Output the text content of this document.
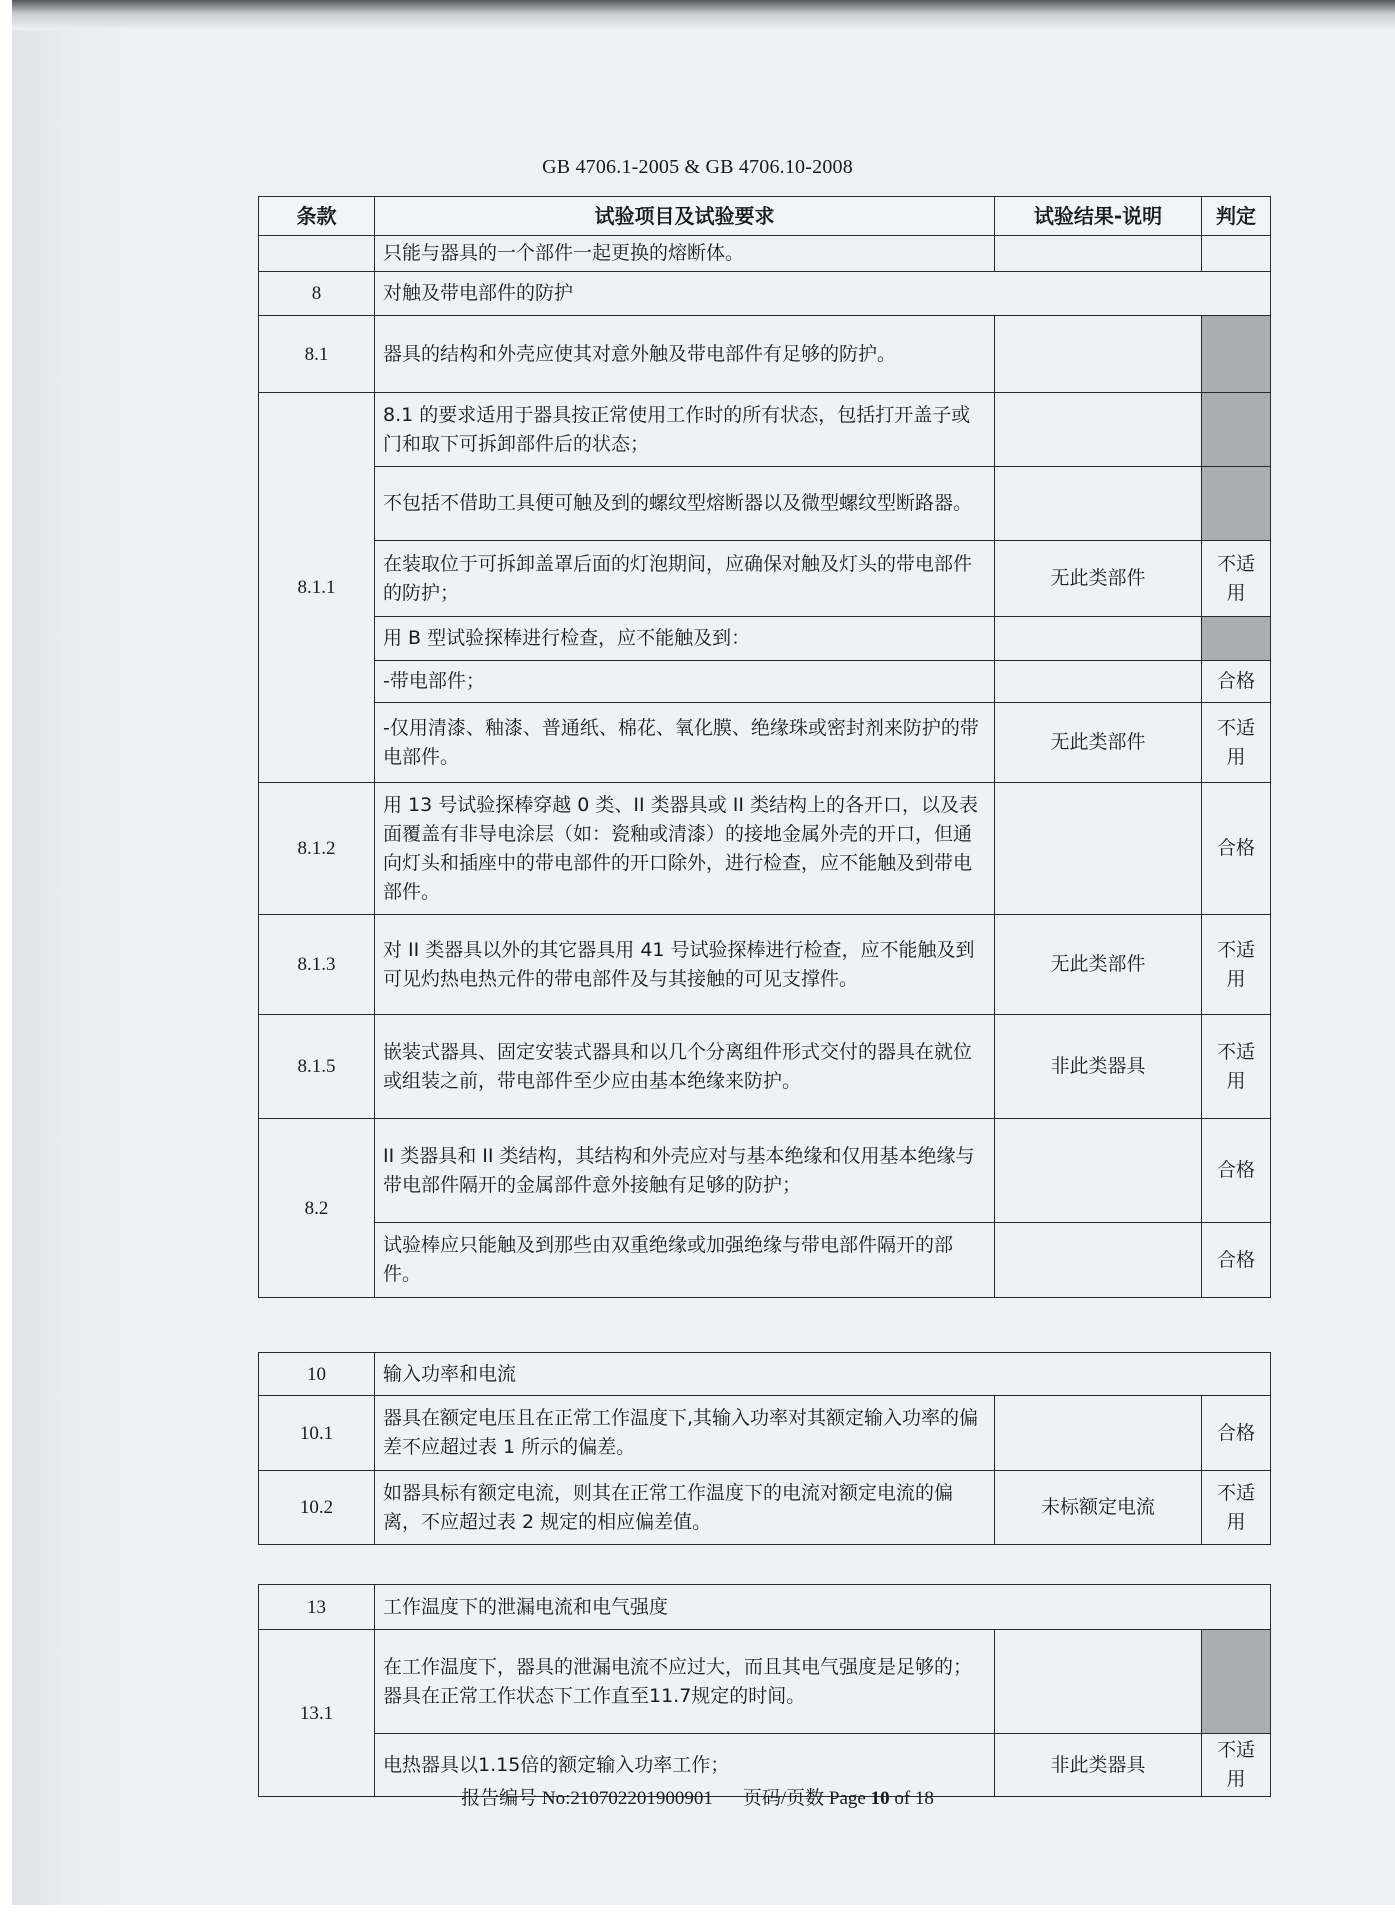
GB 4706.1-2005 & GB 4706.10-2008
条款	试验项目及试验要求	试验结果-说明	判定
	只能与器具的一个部件一起更换的熔断体。		
8	对触及带电部件的防护		
8.1	器具的结构和外壳应使其对意外触及带电部件有足够的防护。		
8.1.1	8.1 的要求适用于器具按正常使用工作时的所有状态，包括打开盖子或门和取下可拆卸部件后的状态；		
	不包括不借助工具便可触及到的螺纹型熔断器以及微型螺纹型断路器。		
	在装取位于可拆卸盖罩后面的灯泡期间，应确保对触及灯头的带电部件的防护；	无此类部件	不适用
	用 B 型试验探棒进行检查，应不能触及到：		
	-带电部件；		合格
	-仅用清漆、釉漆、普通纸、棉花、氧化膜、绝缘珠或密封剂来防护的带电部件。	无此类部件	不适用
8.1.2	用 13 号试验探棒穿越 0 类、II 类器具或 II 类结构上的各开口，以及表面覆盖有非导电涂层（如：瓷釉或清漆）的接地金属外壳的开口，但通向灯头和插座中的带电部件的开口除外，进行检查，应不能触及到带电部件。		合格
8.1.3	对 II 类器具以外的其它器具用 41 号试验探棒进行检查，应不能触及到可见灼热电热元件的带电部件及与其接触的可见支撑件。	无此类部件	不适用
8.1.5	嵌装式器具、固定安装式器具和以几个分离组件形式交付的器具在就位或组装之前，带电部件至少应由基本绝缘来防护。	非此类器具	不适用
8.2	II 类器具和 II 类结构，其结构和外壳应对与基本绝缘和仅用基本绝缘与带电部件隔开的金属部件意外接触有足够的防护；		合格
	试验棒应只能触及到那些由双重绝缘或加强绝缘与带电部件隔开的部件。		合格
10	输入功率和电流		
10.1	器具在额定电压且在正常工作温度下,其输入功率对其额定输入功率的偏差不应超过表 1 所示的偏差。		合格
10.2	如器具标有额定电流，则其在正常工作温度下的电流对额定电流的偏离，不应超过表 2 规定的相应偏差值。	未标额定电流	不适用
13	工作温度下的泄漏电流和电气强度		
13.1	在工作温度下，器具的泄漏电流不应过大，而且其电气强度是足够的；器具在正常工作状态下工作直至11.7规定的时间。		
	电热器具以1.15倍的额定输入功率工作；	非此类器具	不适用
报告编号 No:210702201900901 页码/页数 Page 10 of 18
